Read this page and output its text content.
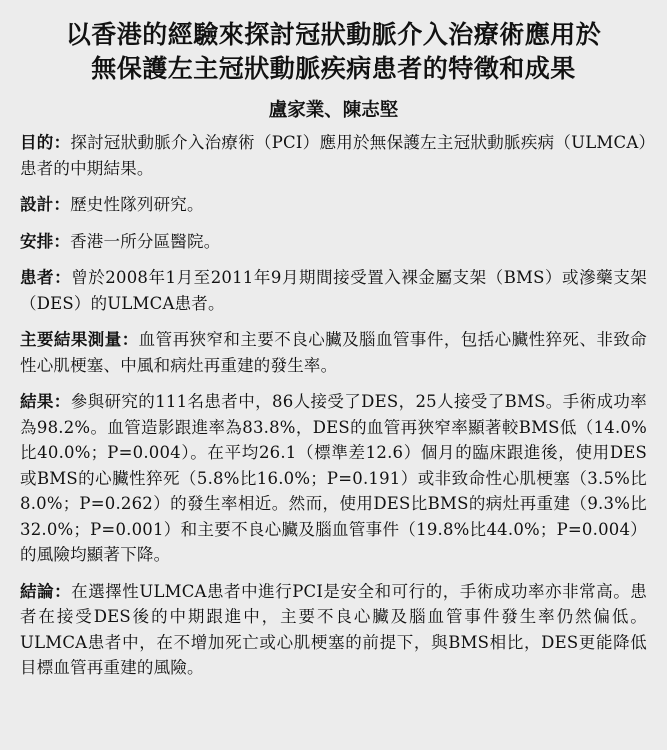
以香港的經驗來探討冠狀動脈介入治療術應用於
無保護左主冠狀動脈疾病患者的特徵和成果
盧家業、陳志堅

目的：探討冠狀動脈介入治療術（PCI）應用於無保護左主冠狀動脈疾病（ULMCA）患者的中期結果。

設計：歷史性隊列研究。

安排：香港一所分區醫院。

患者：曾於2008年1月至2011年9月期間接受置入裸金屬支架（BMS）或滲藥支架（DES）的ULMCA患者。

主要結果測量：血管再狹窄和主要不良心臟及腦血管事件，包括心臟性猝死、非致命性心肌梗塞、中風和病灶再重建的發生率。

結果：參與研究的111名患者中，86人接受了DES，25人接受了BMS。手術成功率為98.2%。血管造影跟進率為83.8%，DES的血管再狹窄率顯著較BMS低（14.0%比40.0%；P=0.004）。在平均26.1（標準差12.6）個月的臨床跟進後，使用DES或BMS的心臟性猝死（5.8%比16.0%；P=0.191）或非致命性心肌梗塞（3.5%比8.0%；P=0.262）的發生率相近。然而，使用DES比BMS的病灶再重建（9.3%比32.0%；P=0.001）和主要不良心臟及腦血管事件（19.8%比44.0%；P=0.004）的風險均顯著下降。

結論：在選擇性ULMCA患者中進行PCI是安全和可行的，手術成功率亦非常高。患者在接受DES後的中期跟進中，主要不良心臟及腦血管事件發生率仍然偏低。ULMCA患者中，在不增加死亡或心肌梗塞的前提下，與BMS相比，DES更能降低目標血管再重建的風險。
